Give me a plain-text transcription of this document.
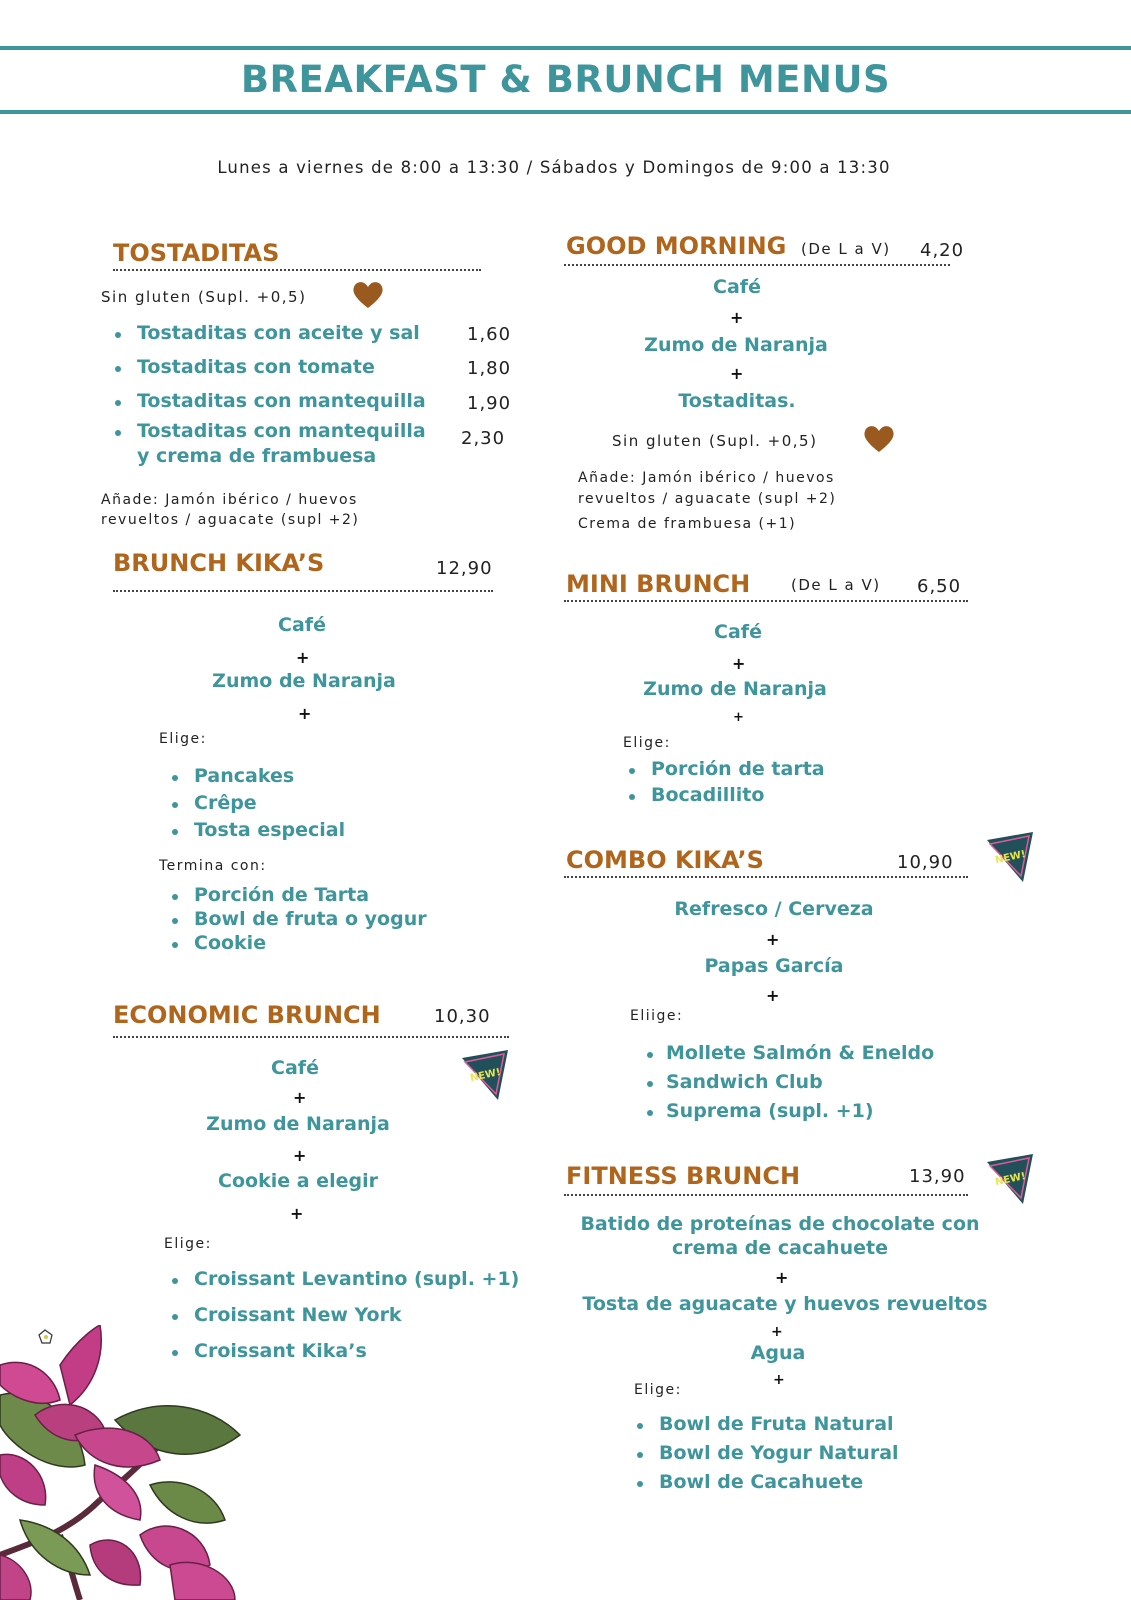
BREAKFAST & BRUNCH MENUS
Lunes a viernes de 8:00 a 13:30 / Sábados y Domingos de 9:00 a 13:30
TOSTADITAS
Sin gluten (Supl. +0,5)
Tostaditas con aceite y sal	1,60
Tostaditas con tomate	1,80
Tostaditas con mantequilla 1,90
Tostaditas con mantequilla
y crema de frambuesa
2,30
Añade: Jamón ibérico / huevos
revueltos / aguacate (supl +2)
BRUNCH KIKA’S	12,90
Café
+
Zumo de Naranja
+
Elige:
Pancakes
Crêpe
Tosta especial
Termina con:
Porción de Tarta
Bowl de fruta o yogur
Cookie
ECONOMIC BRUNCH	10,30
Café
+
Zumo de Naranja
+
Cookie a elegir
+
Elige:
Croissant Levantino (supl. +1)
Croissant New York
Croissant Kika’s
NEW!
GOOD MORNING (De L a V) 4,20
Café
+
Zumo de Naranja
+
Tostaditas.
Sin gluten (Supl. +0,5)
Añade: Jamón ibérico / huevos
revueltos / aguacate (supl +2)
Crema de frambuesa (+1)
MINI BRUNCH	(De L a V) 6,50
Café
+
Zumo de Naranja
+
Elige:
Porción de tarta
Bocadillito
COMBO KIKA’S	10,90	NEW!
Refresco / Cerveza
+
Papas García
+
Eliige:
Mollete Salmón & Eneldo
Sandwich Club
Suprema (supl. +1)
FITNESS BRUNCH	13,90	NEW!
Batido de proteínas de chocolate con
crema de cacahuete
+
Tosta de aguacate y huevos revueltos
+
Agua
Elige:
+
Bowl de Fruta Natural
Bowl de Yogur Natural
Bowl de Cacahuete
